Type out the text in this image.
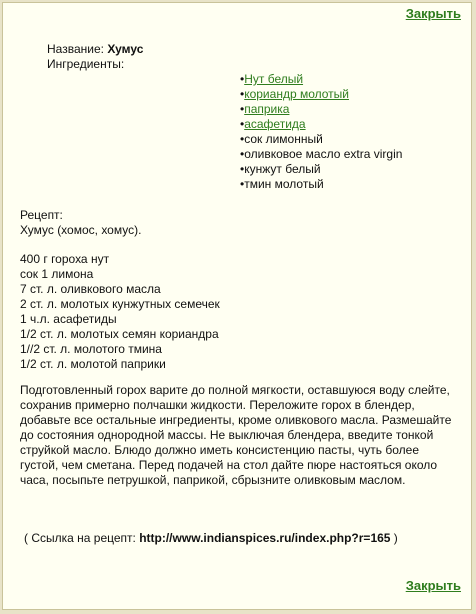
Закрыть
Название: Хумус
Ингредиенты:
• Нут белый
• кориандр молотый
• паприка
• асафетида
• сок лимонный
• оливковое масло extra virgin
• кунжут белый
• тмин молотый
Рецепт:
Хумус (хомос, хомус).
400 г гороха нут
сок 1 лимона
7 ст. л. оливкового масла
2 ст. л. молотых кунжутных семечек
1 ч.л. асафетиды
1/2 ст. л. молотых семян кориандра
1//2 ст. л. молотого тмина
1/2 ст. л. молотой паприки
Подготовленный горох варите до полной мягкости, оставшуюся воду слейте, сохранив примерно полчашки жидкости. Переложите горох в блендер, добавьте все остальные ингредиенты, кроме оливкового масла. Размешайте до состояния однородной массы. Не выключая блендера, введите тонкой струйкой масло. Блюдо должно иметь консистенцию пасты, чуть более густой, чем сметана. Перед подачей на стол дайте пюре настояться около часа, посыпьте петрушкой, паприкой, сбрызните оливковым маслом.
( Ссылка на рецепт: http://www.indianspices.ru/index.php?r=165 )
Закрыть
